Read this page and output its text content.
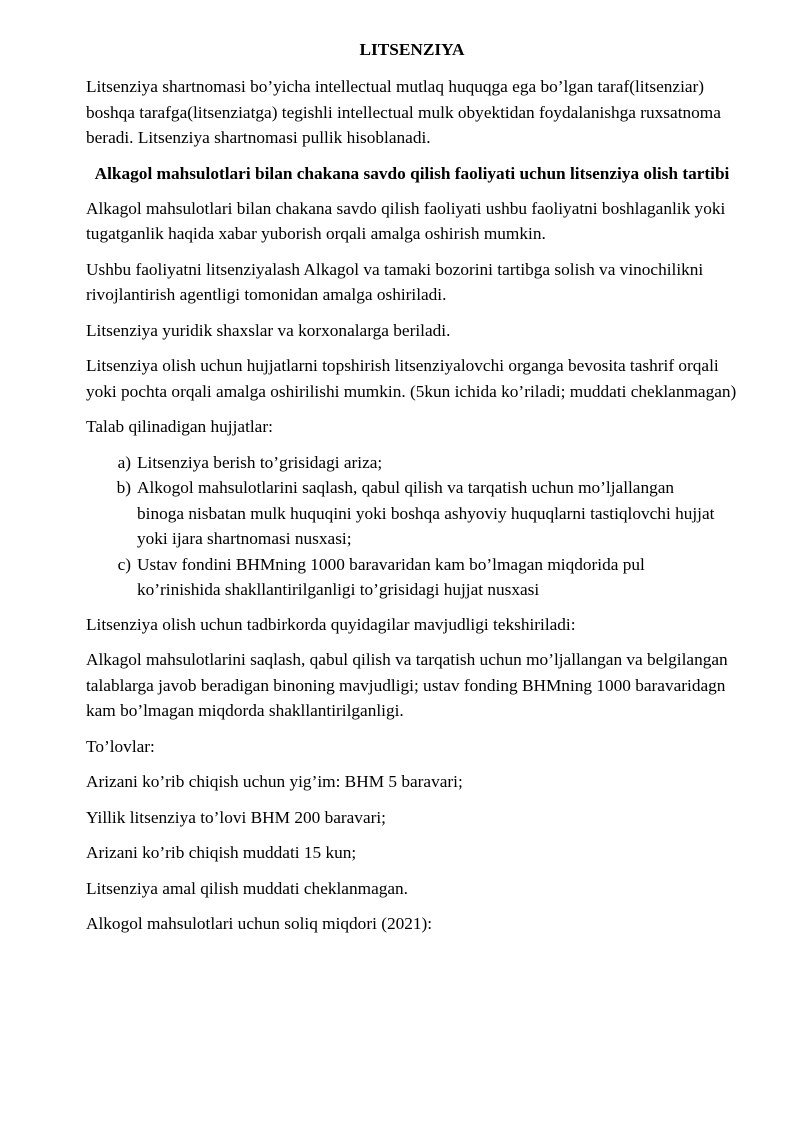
LITSENZIYA

Litsenziya shartnomasi bo’yicha intellectual mutlaq huquqga ega bo’lgan taraf(litsenziar) boshqa tarafga(litsenziatga) tegishli intellectual mulk obyektidan foydalanishga ruxsatnoma beradi. Litsenziya shartnomasi pullik hisoblanadi.

Alkagol mahsulotlari bilan chakana savdo qilish faoliyati uchun litsenziya olish tartibi

Alkagol mahsulotlari bilan chakana savdo qilish faoliyati ushbu faoliyatni boshlaganlik yoki tugatganlik haqida xabar yuborish orqali amalga oshirish mumkin.

Ushbu faoliyatni litsenziyalash Alkagol va tamaki bozorini tartibga solish va vinochilikni rivojlantirish agentligi tomonidan amalga oshiriladi.

Litsenziya yuridik shaxslar va korxonalarga beriladi.

Litsenziya olish uchun hujjatlarni topshirish litsenziyalovchi organga bevosita tashrif orqali yoki pochta orqali amalga oshirilishi mumkin. (5kun ichida ko’riladi; muddati cheklanmagan)

Talab qilinadigan hujjatlar:

a) Litsenziya berish to’grisidagi ariza;
b) Alkogol mahsulotlarini saqlash, qabul qilish va tarqatish uchun mo’ljallangan binoga nisbatan mulk huquqini yoki boshqa ashyoviy huquqlarni tastiqlovchi hujjat yoki ijara shartnomasi nusxasi;
c) Ustav fondini BHMning 1000 baravaridan kam bo’lmagan miqdorida pul ko’rinishida shakllantirilganligi to’grisidagi hujjat nusxasi

Litsenziya olish uchun tadbirkorda quyidagilar mavjudligi tekshiriladi:

Alkagol mahsulotlarini saqlash, qabul qilish va tarqatish uchun mo’ljallangan va belgilangan talablarga javob beradigan binoning mavjudligi; ustav fonding BHMning 1000 baravaridagn kam bo’lmagan miqdorda shakllantirilganligi.

To’lovlar:

Arizani ko’rib chiqish uchun yig’im: BHM 5 baravari;

Yillik litsenziya to’lovi BHM 200 baravari;

Arizani ko’rib chiqish muddati 15 kun;

Litsenziya amal qilish muddati cheklanmagan.

Alkogol mahsulotlari uchun soliq miqdori (2021):
